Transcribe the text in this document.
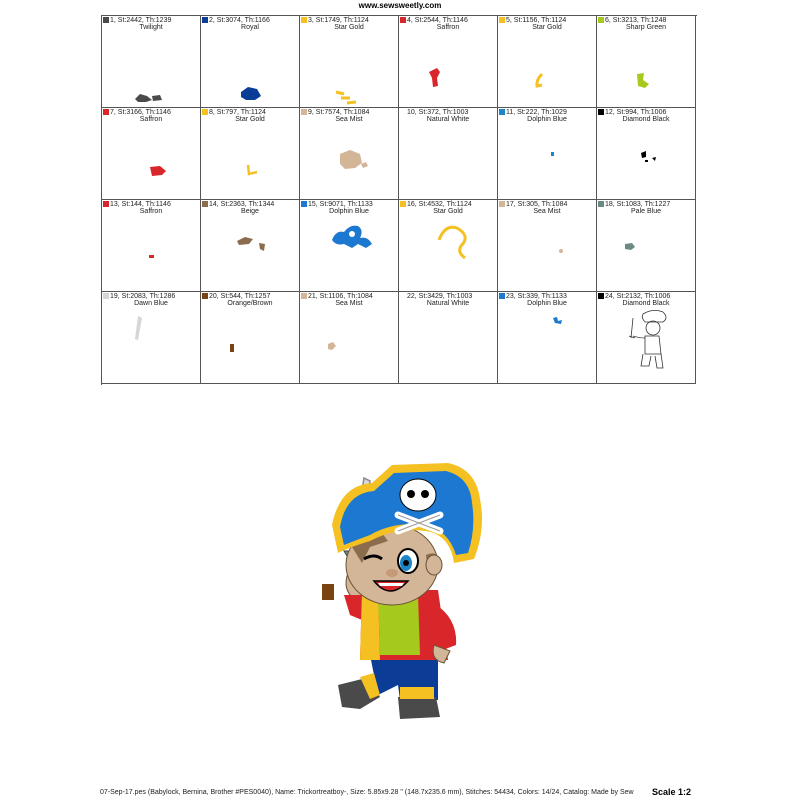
www.sewsweetly.com
1, St:2442, Th:1239
Twilight
2, St:3074, Th:1166
Royal
3, St:1749, Th:1124
Star Gold
4, St:2544, Th:1146
Saffron
5, St:1156, Th:1124
Star Gold
6, St:3213, Th:1248
Sharp Green
7, St:3166, Th:1146
Saffron
8, St:797, Th:1124
Star Gold
9, St:7574, Th:1084
Sea Mist
10, St:372, Th:1003
Natural White
11, St:222, Th:1029
Dolphin Blue
12, St:994, Th:1006
Diamond Black
13, St:144, Th:1146
Saffron
14, St:2363, Th:1344
Beige
15, St:9071, Th:1133
Dolphin Blue
16, St:4532, Th:1124
Star Gold
17, St:305, Th:1084
Sea Mist
18, St:1083, Th:1227
Pale Blue
19, St:2083, Th:1286
Dawn Blue
20, St:544, Th:1257
Orange/Brown
21, St:1106, Th:1084
Sea Mist
22, St:3429, Th:1003
Natural White
23, St:339, Th:1133
Dolphin Blue
24, St:2132, Th:1006
Diamond Black
07-Sep-17.pes (Babylock, Bernina, Brother #PES0040), Name: Trickortreatboy-, Size: 5.85x9.28 " (148.7x235.6 mm), Stitches: 54434, Colors: 14/24, Catalog: Made by Sew Scale 1:2
